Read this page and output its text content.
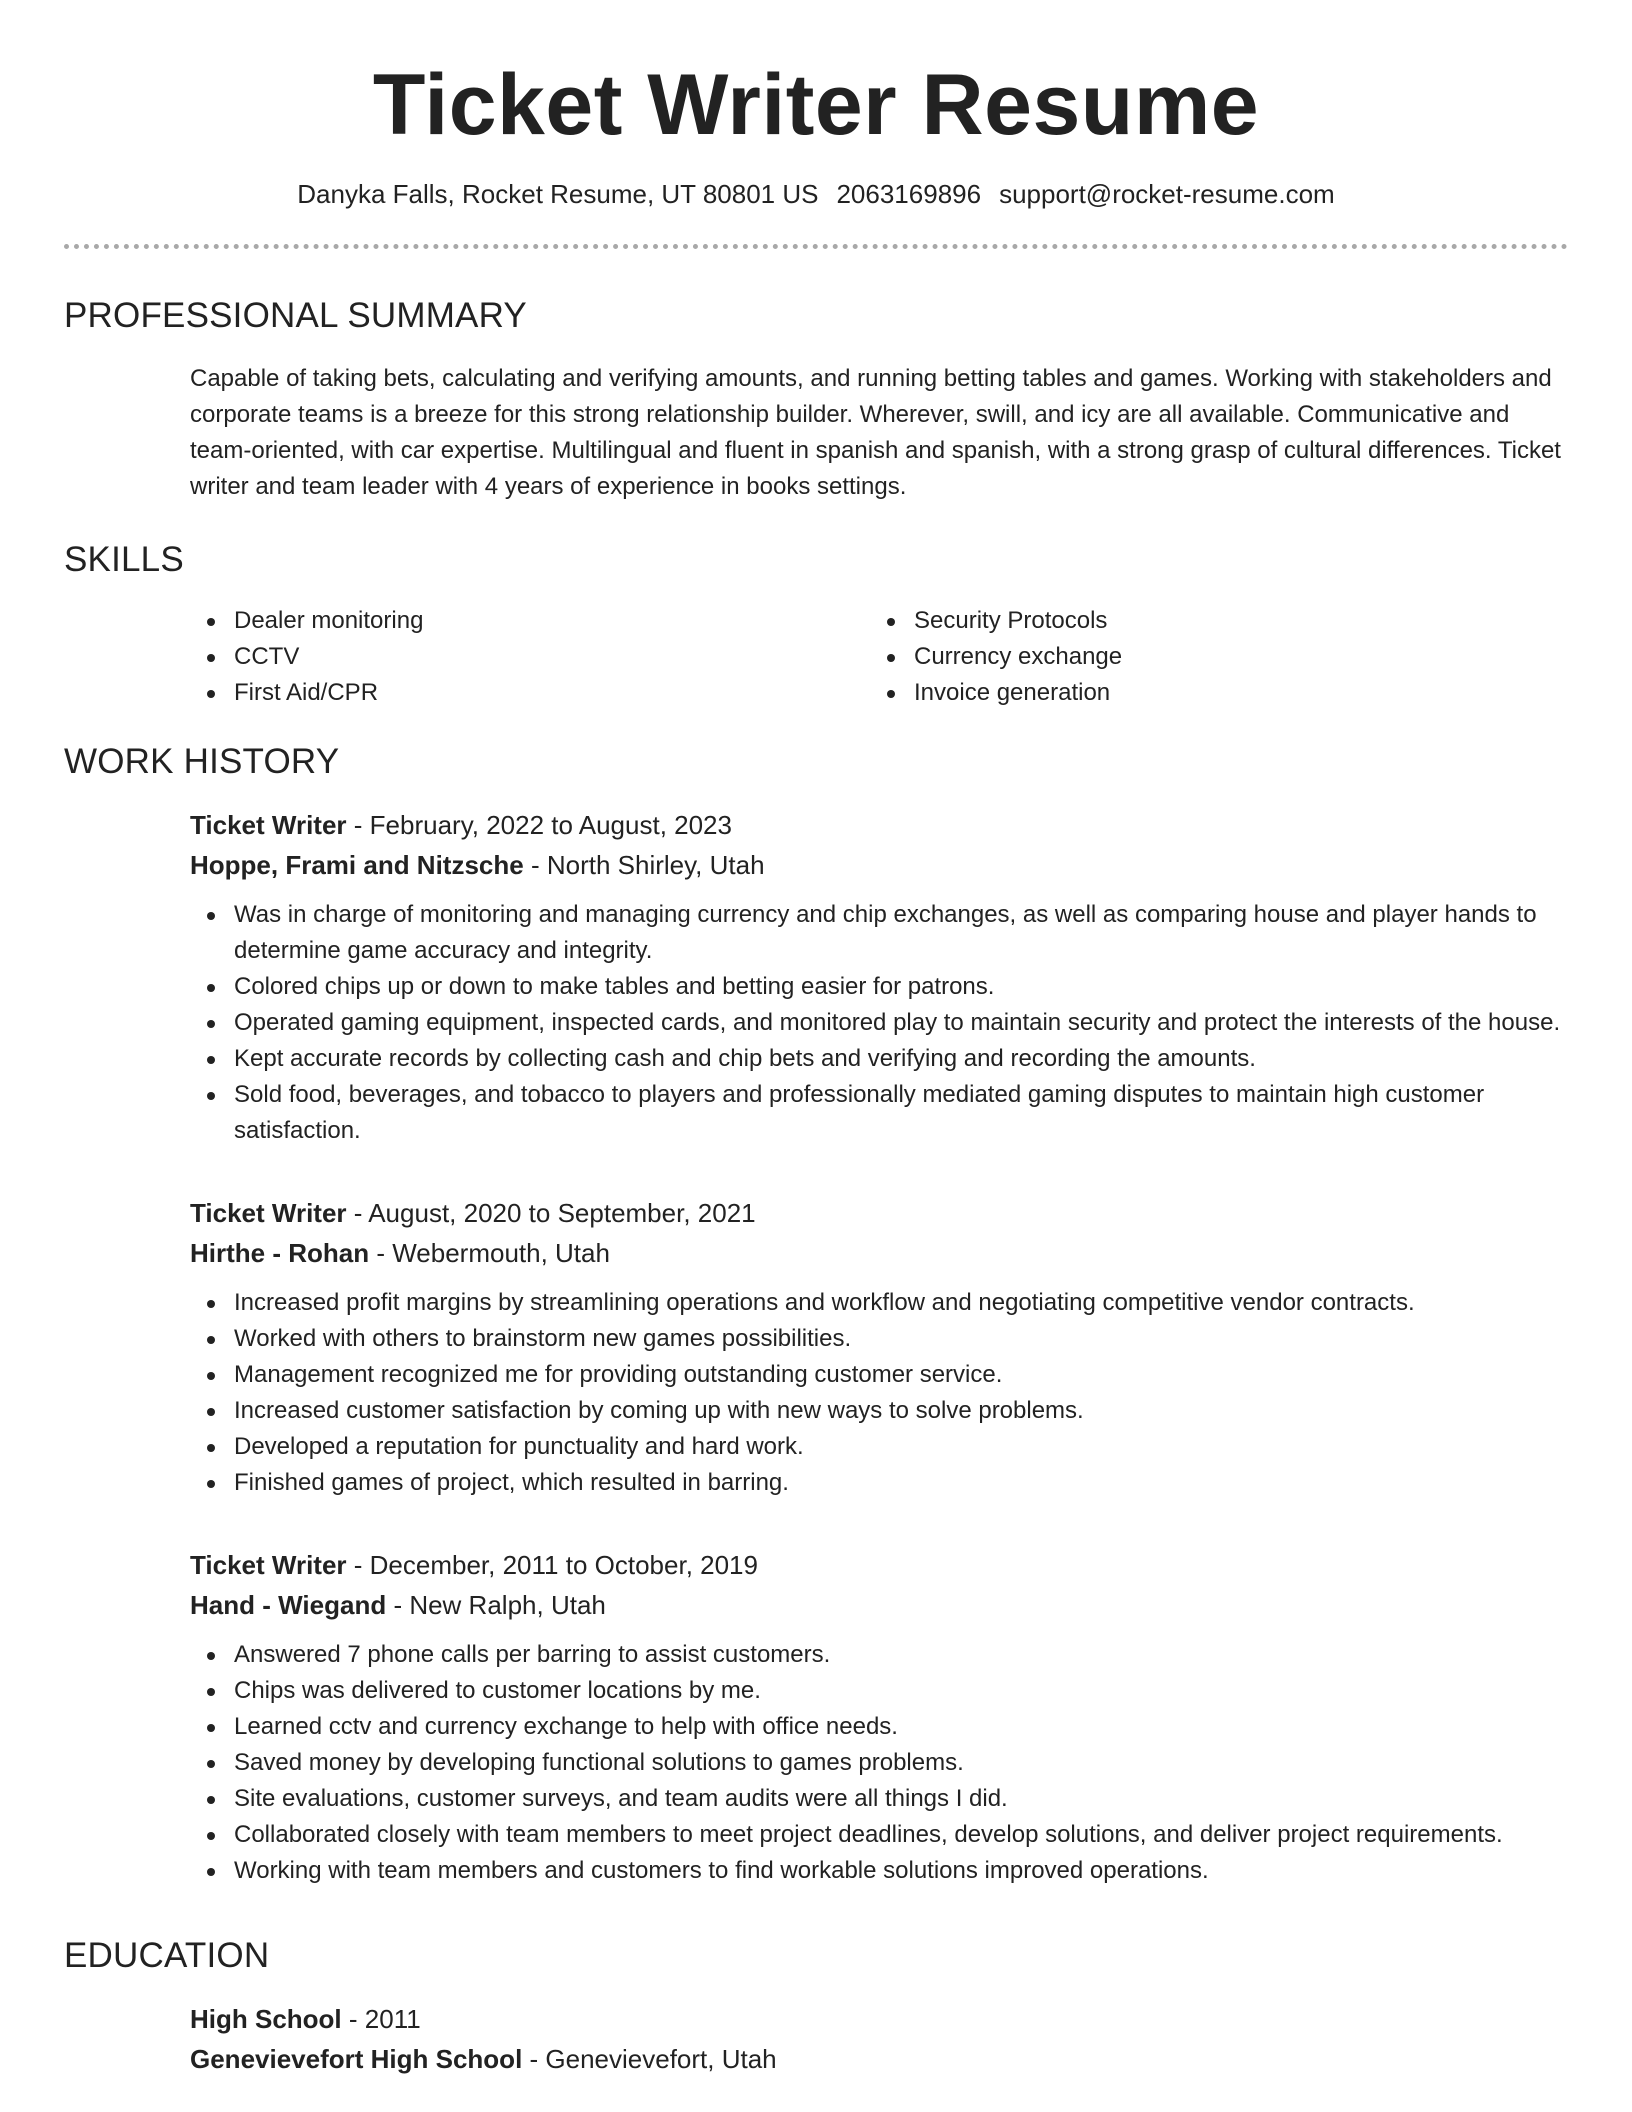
Ticket Writer Resume
Danyka Falls, Rocket Resume, UT 80801 US 2063169896 support@rocket-resume.com
PROFESSIONAL SUMMARY

Capable of taking bets, calculating and verifying amounts, and running betting tables and games. Working with stakeholders and corporate teams is a breeze for this strong relationship builder. Wherever, swill, and icy are all available. Communicative and team-oriented, with car expertise. Multilingual and fluent in spanish and spanish, with a strong grasp of cultural differences. Ticket writer and team leader with 4 years of experience in books settings.

SKILLS
Dealer monitoring
CCTV
First Aid/CPR
Security Protocols
Currency exchange
Invoice generation
WORK HISTORY
Ticket Writer - February, 2022 to August, 2023
Hoppe, Frami and Nitzsche - North Shirley, Utah
Was in charge of monitoring and managing currency and chip exchanges, as well as comparing house and player hands to determine game accuracy and integrity.
Colored chips up or down to make tables and betting easier for patrons.
Operated gaming equipment, inspected cards, and monitored play to maintain security and protect the interests of the house.
Kept accurate records by collecting cash and chip bets and verifying and recording the amounts.
Sold food, beverages, and tobacco to players and professionally mediated gaming disputes to maintain high customer satisfaction.
Ticket Writer - August, 2020 to September, 2021
Hirthe - Rohan - Webermouth, Utah
Increased profit margins by streamlining operations and workflow and negotiating competitive vendor contracts.
Worked with others to brainstorm new games possibilities.
Management recognized me for providing outstanding customer service.
Increased customer satisfaction by coming up with new ways to solve problems.
Developed a reputation for punctuality and hard work.
Finished games of project, which resulted in barring.
Ticket Writer - December, 2011 to October, 2019
Hand - Wiegand - New Ralph, Utah
Answered 7 phone calls per barring to assist customers.
Chips was delivered to customer locations by me.
Learned cctv and currency exchange to help with office needs.
Saved money by developing functional solutions to games problems.
Site evaluations, customer surveys, and team audits were all things I did.
Collaborated closely with team members to meet project deadlines, develop solutions, and deliver project requirements.
Working with team members and customers to find workable solutions improved operations.
EDUCATION
High School - 2011
Genevievefort High School - Genevievefort, Utah
